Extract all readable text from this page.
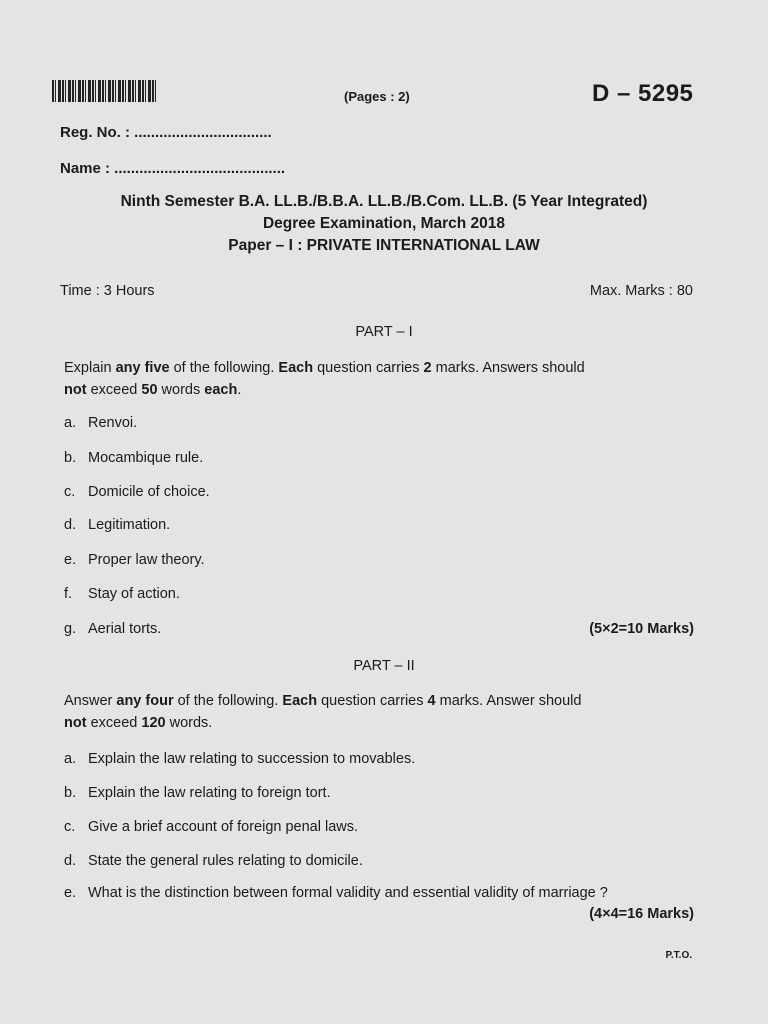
(Pages : 2)	D – 5295
Reg. No. : .................................
Name : .........................................
Ninth Semester B.A. LL.B./B.B.A. LL.B./B.Com. LL.B. (5 Year Integrated)
Degree Examination, March 2018
Paper – I : PRIVATE INTERNATIONAL LAW
Time : 3 Hours	Max. Marks : 80
PART – I
Explain any five of the following. Each question carries 2 marks. Answers should
not exceed 50 words each.
a. Renvoi.
b. Mocambique rule.
c. Domicile of choice.
d. Legitimation.
e. Proper law theory.
f. Stay of action.
g. Aerial torts.	(5×2=10 Marks)
PART – II
Answer any four of the following. Each question carries 4 marks. Answer should
not exceed 120 words.
a. Explain the law relating to succession to movables.
b. Explain the law relating to foreign tort.
c. Give a brief account of foreign penal laws.
d. State the general rules relating to domicile.
e. What is the distinction between formal validity and essential validity of marriage ?
(4×4=16 Marks)
P.T.O.
